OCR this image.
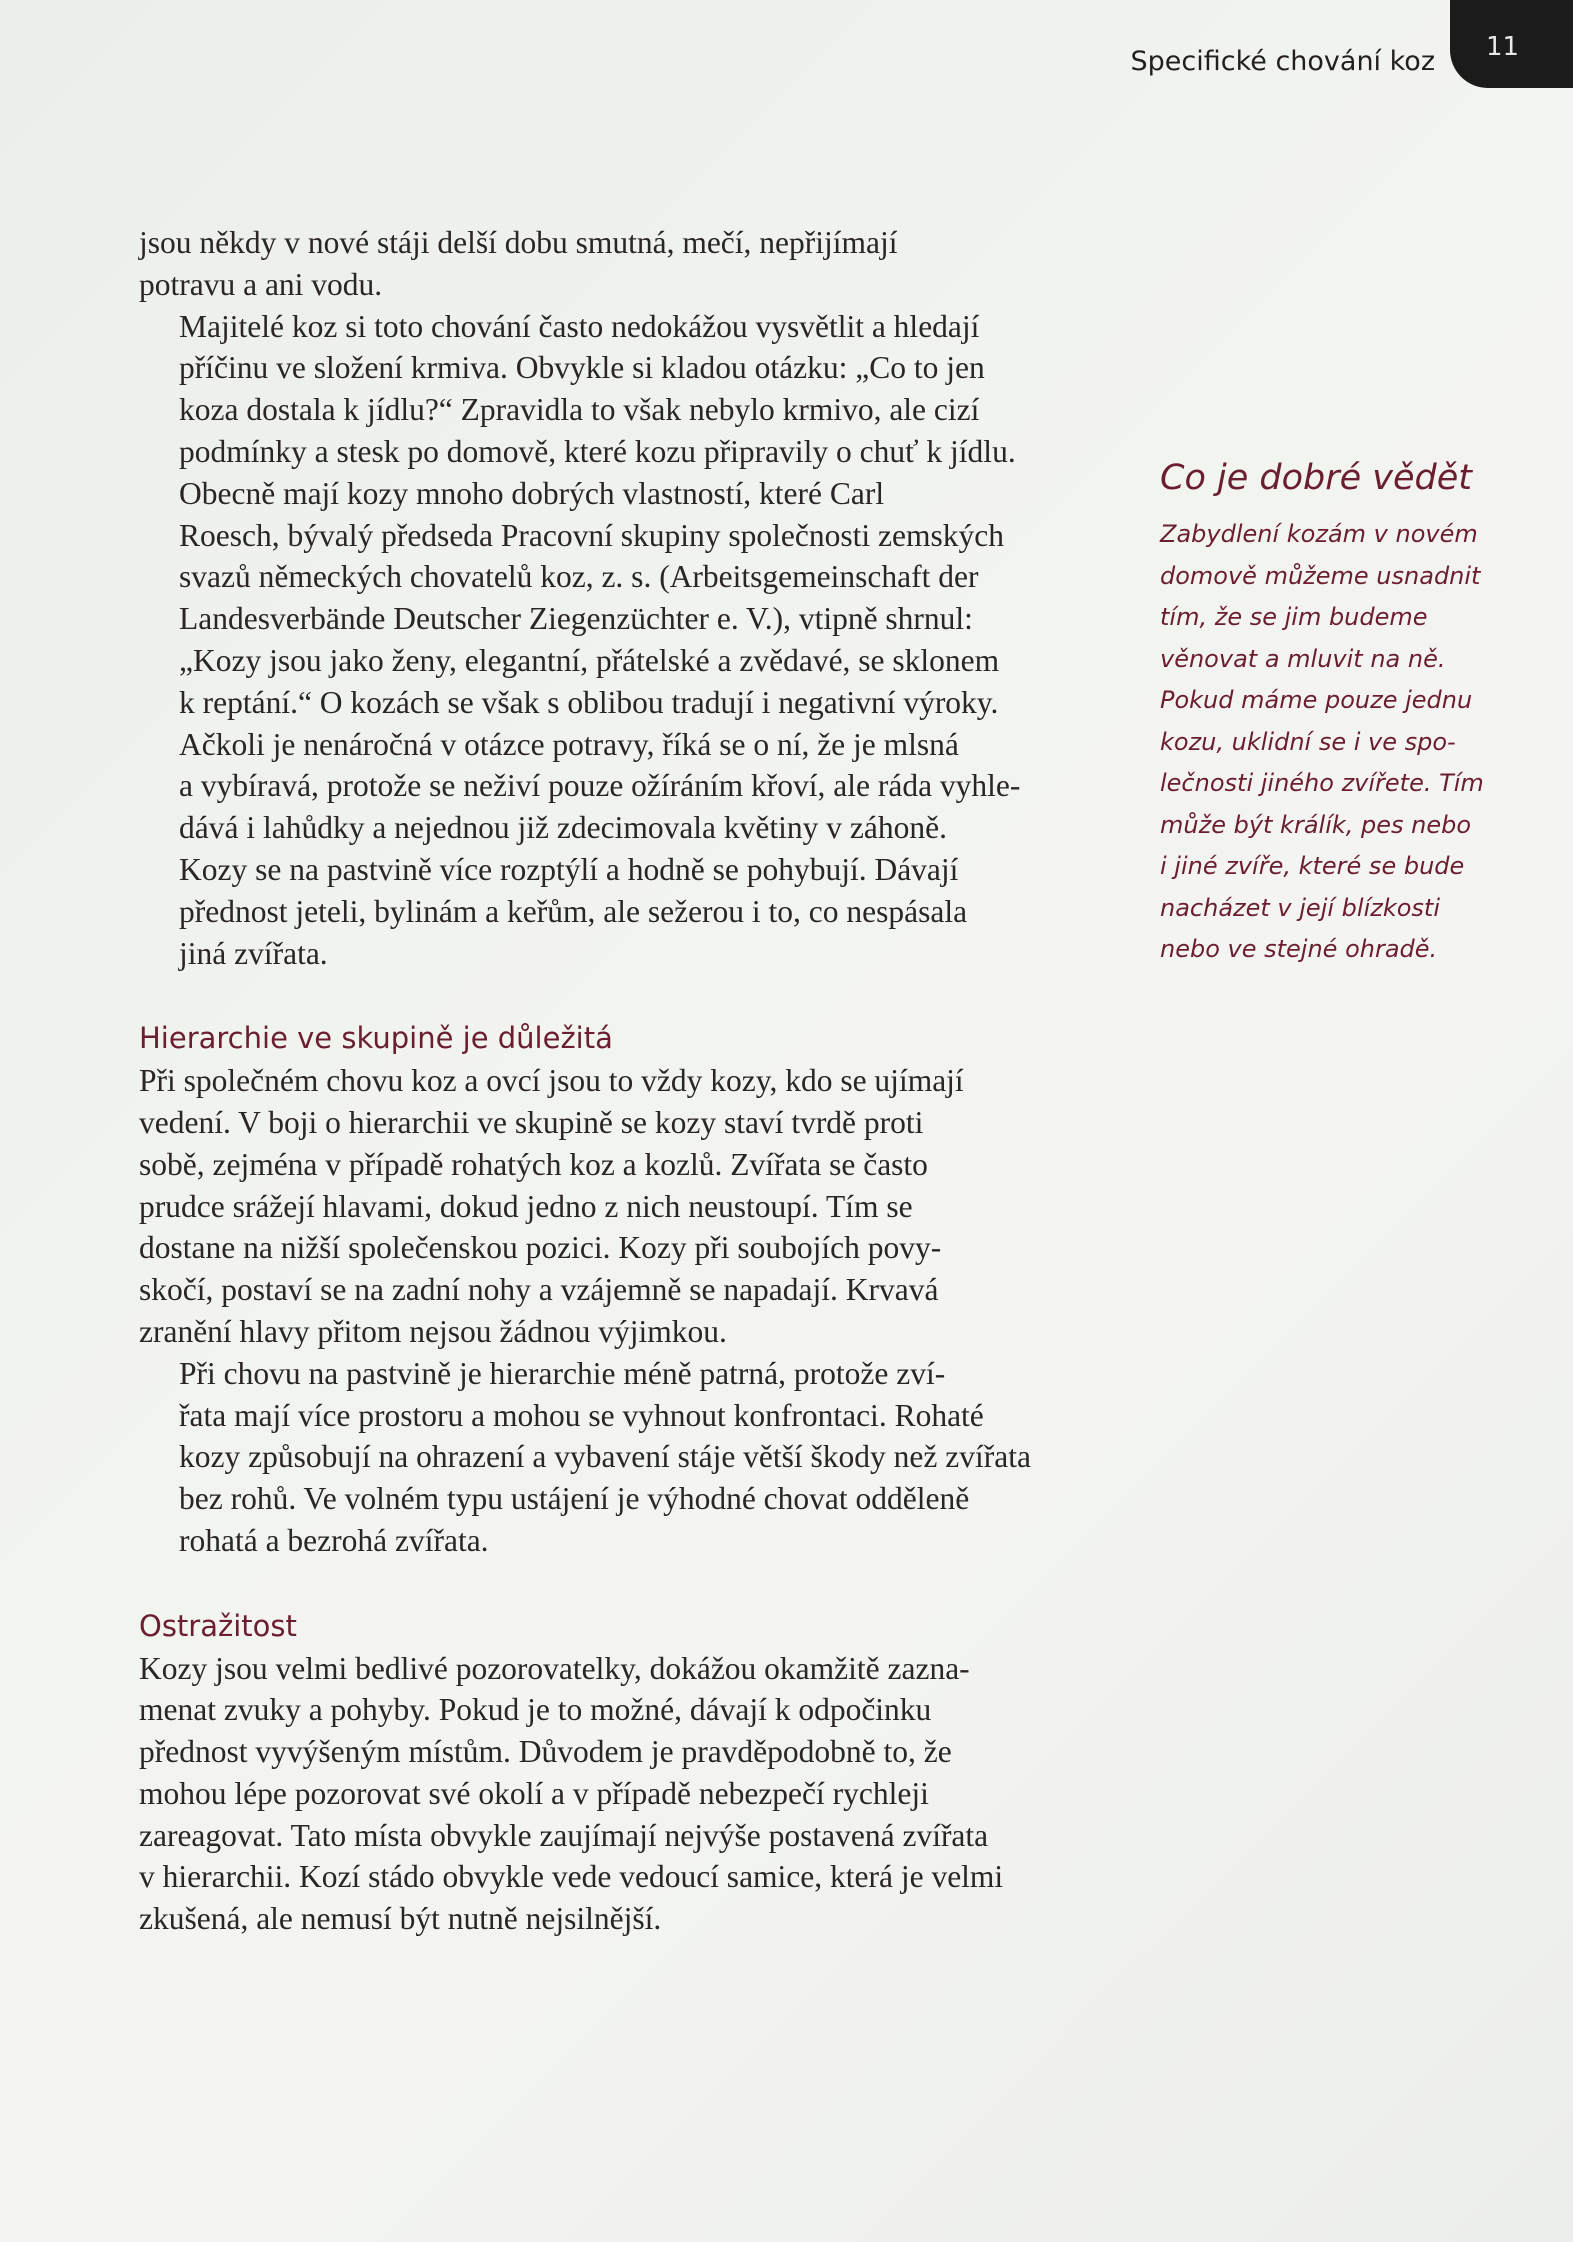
Specifické chování koz 11

jsou někdy v nové stáji delší dobu smutná, mečí, nepřijímají
potravu a ani vodu.

Majitelé koz si toto chování často nedokážou vysvětlit a hledají
příčinu ve složení krmiva. Obvykle si kladou otázku: „Co to jen
koza dostala k jídlu?“ Zpravidla to však nebylo krmivo, ale cizí
podmínky a stesk po domově, které kozu připravily o chuť k jídlu.

Obecně mají kozy mnoho dobrých vlastností, které Carl
Roesch, bývalý předseda Pracovní skupiny společnosti zemských
svazů německých chovatelů koz, z. s. (Arbeitsgemeinschaft der
Landesverbände Deutscher Ziegenzüchter e. V.), vtipně shrnul:
„Kozy jsou jako ženy, elegantní, přátelské a zvědavé, se sklonem
k reptání.“ O kozách se však s oblibou tradují i negativní výroky.
Ačkoli je nenáročná v otázce potravy, říká se o ní, že je mlsná
a vybíravá, protože se neživí pouze ožíráním křoví, ale ráda vyhle-
dává i lahůdky a nejednou již zdecimovala květiny v záhoně.

Kozy se na pastvině více rozptýlí a hodně se pohybují. Dávají
přednost jeteli, bylinám a keřům, ale sežerou i to, co nespásala
jiná zvířata.

Hierarchie ve skupině je důležitá

Při společném chovu koz a ovcí jsou to vždy kozy, kdo se ujímají
vedení. V boji o hierarchii ve skupině se kozy staví tvrdě proti
sobě, zejména v případě rohatých koz a kozlů. Zvířata se často
prudce srážejí hlavami, dokud jedno z nich neustoupí. Tím se
dostane na nižší společenskou pozici. Kozy při soubojích povy-
skočí, postaví se na zadní nohy a vzájemně se napadají. Krvavá
zranění hlavy přitom nejsou žádnou výjimkou.

Při chovu na pastvině je hierarchie méně patrná, protože zví-
řata mají více prostoru a mohou se vyhnout konfrontaci. Rohaté
kozy způsobují na ohrazení a vybavení stáje větší škody než zvířata
bez rohů. Ve volném typu ustájení je výhodné chovat odděleně
rohatá a bezrohá zvířata.

Ostražitost

Kozy jsou velmi bedlivé pozorovatelky, dokážou okamžitě zazna-
menat zvuky a pohyby. Pokud je to možné, dávají k odpočinku
přednost vyvýšeným místům. Důvodem je pravděpodobně to, že
mohou lépe pozorovat své okolí a v případě nebezpečí rychleji
zareagovat. Tato místa obvykle zaujímají nejvýše postavená zvířata
v hierarchii. Kozí stádo obvykle vede vedoucí samice, která je velmi
zkušená, ale nemusí být nutně nejsilnější.

Co je dobré vědět

Zabydlení kozám v novém
domově můžeme usnadnit
tím, že se jim budeme
věnovat a mluvit na ně.
Pokud máme pouze jednu
kozu, uklidní se i ve spo-
lečnosti jiného zvířete. Tím
může být králík, pes nebo
i jiné zvíře, které se bude
nacházet v její blízkosti
nebo ve stejné ohradě.
